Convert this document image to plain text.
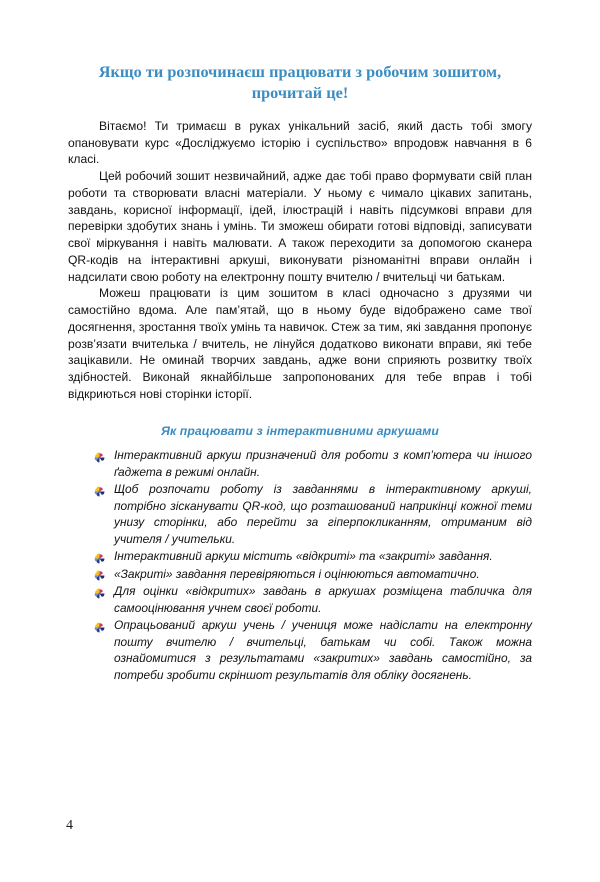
Якщо ти розпочинаєш працювати з робочим зошитом, прочитай це!

Вітаємо! Ти тримаєш в руках унікальний засіб, який дасть тобі змогу опановувати курс «Досліджуємо історію і суспільство» впродовж навчання в 6 класі.

Цей робочий зошит незвичайний, адже дає тобі право формувати свій план роботи та створювати власні матеріали. У ньому є чимало цікавих запитань, завдань, корисної інформації, ідей, ілюстрацій і навіть підсумкові вправи для перевірки здобутих знань і умінь. Ти зможеш обирати готові відповіді, записувати свої міркування і навіть малювати. А також переходити за допомогою сканера QR-кодів на інтерактивні аркуші, виконувати різноманітні вправи онлайн і надсилати свою роботу на електронну пошту вчителю / вчительці чи батькам.

Можеш працювати із цим зошитом в класі одночасно з друзями чи самостійно вдома. Але пам’ятай, що в ньому буде відображено саме твої досягнення, зростання твоїх умінь та навичок. Стеж за тим, які завдання пропонує розв’язати вчителька / вчитель, не лінуйся додатково виконати вправи, які тебе зацікавили. Не оминай творчих завдань, адже вони сприяють розвитку твоїх здібностей. Виконай якнайбільше запропонованих для тебе вправ і тобі відкриються нові сторінки історії.

Як працювати з інтерактивними аркушами
Інтерактивний аркуш призначений для роботи з комп’ютера чи іншого ґаджета в режимі онлайн.
Щоб розпочати роботу із завданнями в інтерактивному аркуші, потрібно зісканувати QR-код, що розташований наприкінці кожної теми унизу сторінки, або перейти за гіперпокликанням, отриманим від учителя / учительки.
Інтерактивний аркуш містить «відкриті» та «закриті» завдання.
«Закриті» завдання перевіряються і оцінюються автоматично.
Для оцінки «відкритих» завдань в аркушах розміщена табличка для самооцінювання учнем своєї роботи.
Опрацьований аркуш учень / учениця може надіслати на електронну пошту вчителю / вчительці, батькам чи собі. Також можна ознайомитися з результатами «закритих» завдань самостійно, за потреби зробити скріншот результатів для обліку досягнень.
4
